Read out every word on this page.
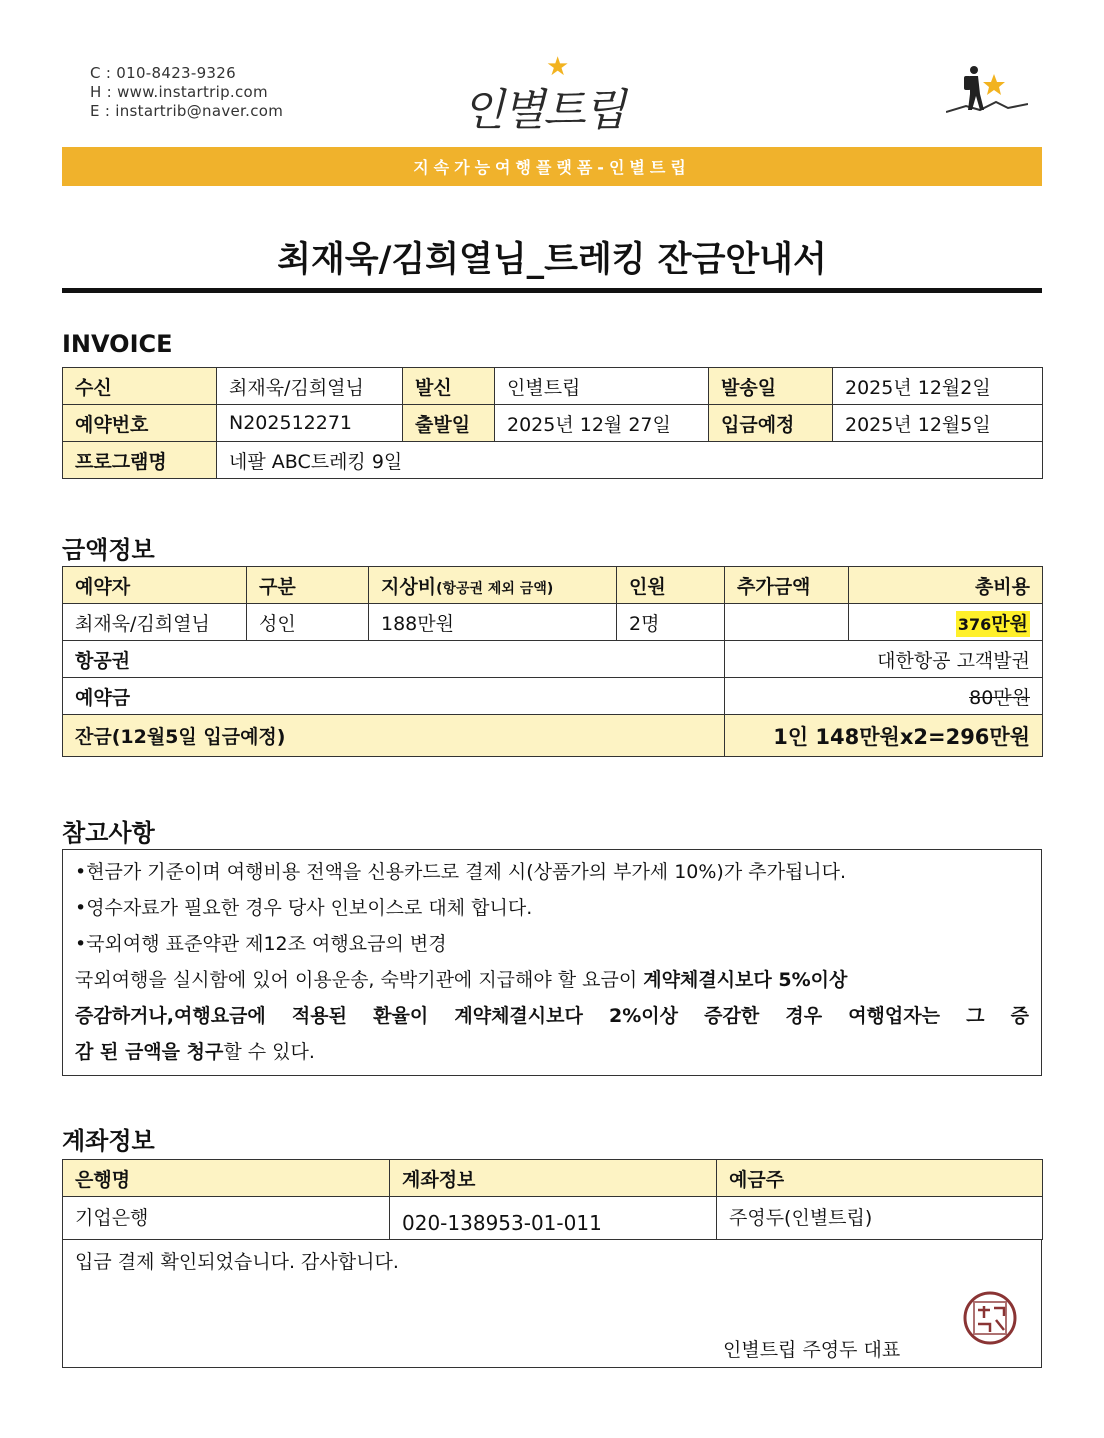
C : 010-8423-9326
H : www.instartrip.com
E : instartrib@naver.com
★
인별트립
지속가능여행플랫폼-인별트립
최재욱/김희열님_트레킹 잔금안내서
INVOICE
수신	최재욱/김희열님	발신	인별트립	발송일	2025년 12월2일
예약번호	N202512271	출발일	2025년 12월 27일	입금예정	2025년 12월5일
프로그램명	네팔 ABC트레킹 9일				
금액정보
예약자	구분	지상비(항공권 제외 금액)	인원	추가금액	총비용
최재욱/김희열님	성인	188만원	2명		376만원
항공권				대한항공 고객발권	
예약금				80만원	
잔금(12월5일 입금예정)				1인 148만원x2=296만원	
참고사항
•현금가 기준이며 여행비용 전액을 신용카드로 결제 시(상품가의 부가세 10%)가 추가됩니다.
•영수자료가 필요한 경우 당사 인보이스로 대체 합니다.
•국외여행 표준약관 제12조 여행요금의 변경
국외여행을 실시함에 있어 이용운송, 숙박기관에 지급해야 할 요금이 계약체결시보다 5%이상
증감하거나,여행요금에 적용된 환율이 계약체결시보다 2%이상 증감한 경우 여행업자는 그 증
감 된 금액을 청구할 수 있다.
계좌정보
은행명	계좌정보	예금주
기업은행	020-138953-01-011	주영두(인별트립)
입금 결제 확인되었습니다. 감사합니다.
인별트립 주영두 대표
